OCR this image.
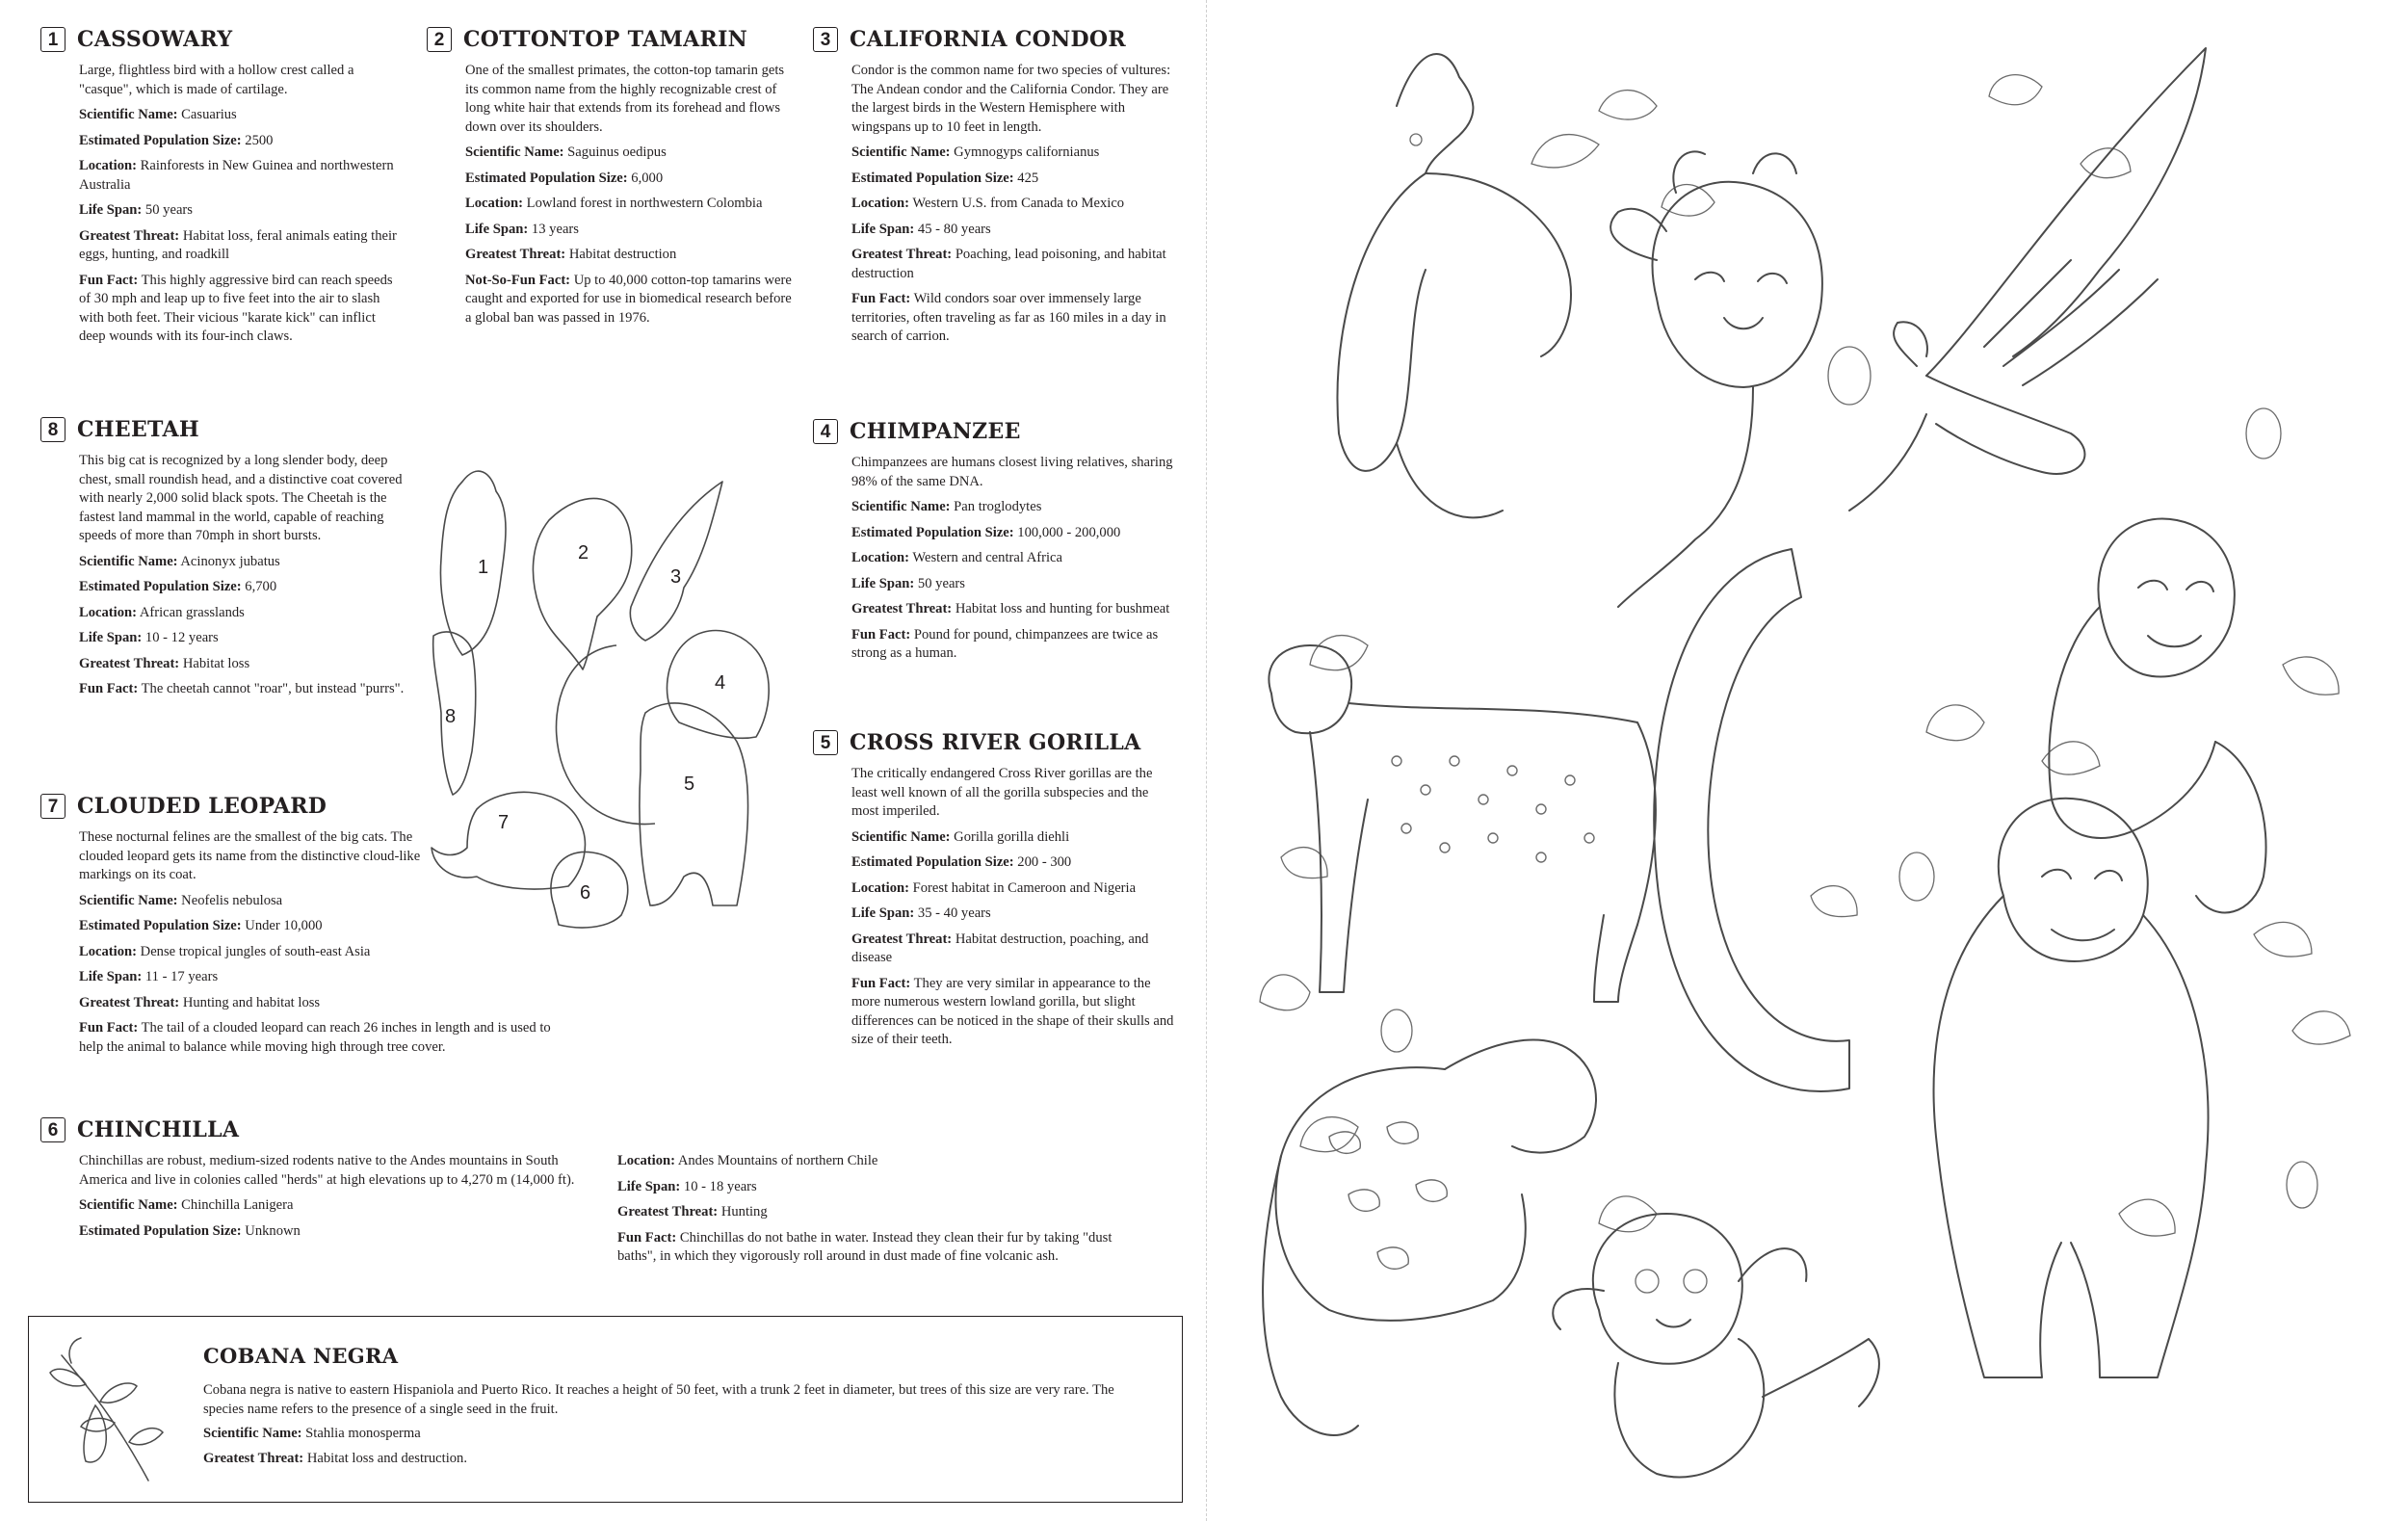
1 CASSOWARY

Large, flightless bird with a hollow crest called a "casque", which is made of cartilage.

Scientific Name: Casuarius

Estimated Population Size: 2500

Location: Rainforests in New Guinea and northwestern Australia

Life Span: 50 years

Greatest Threat: Habitat loss, feral animals eating their eggs, hunting, and roadkill

Fun Fact: This highly aggressive bird can reach speeds of 30 mph and leap up to five feet into the air to slash with both feet. Their vicious "karate kick" can inflict deep wounds with its four-inch claws.

2 COTTONTOP TAMARIN

One of the smallest primates, the cotton-top tamarin gets its common name from the highly recognizable crest of long white hair that extends from its forehead and flows down over its shoulders.

Scientific Name: Saguinus oedipus

Estimated Population Size: 6,000

Location: Lowland forest in northwestern Colombia

Life Span: 13 years

Greatest Threat: Habitat destruction

Not-So-Fun Fact: Up to 40,000 cotton-top tamarins were caught and exported for use in biomedical research before a global ban was passed in 1976.

3 CALIFORNIA CONDOR

Condor is the common name for two species of vultures: The Andean condor and the California Condor. They are the largest birds in the Western Hemisphere with wingspans up to 10 feet in length.

Scientific Name: Gymnogyps californianus

Estimated Population Size: 425

Location: Western U.S. from Canada to Mexico

Life Span: 45 - 80 years

Greatest Threat: Poaching, lead poisoning, and habitat destruction

Fun Fact: Wild condors soar over immensely large territories, often traveling as far as 160 miles in a day in search of carrion.

8 CHEETAH

This big cat is recognized by a long slender body, deep chest, small roundish head, and a distinctive coat covered with nearly 2,000 solid black spots. The Cheetah is the fastest land mammal in the world, capable of reaching speeds of more than 70mph in short bursts.

Scientific Name: Acinonyx jubatus

Estimated Population Size: 6,700

Location: African grasslands

Life Span: 10 - 12 years

Greatest Threat: Habitat loss

Fun Fact: The cheetah cannot "roar", but instead "purrs".

4 CHIMPANZEE

Chimpanzees are humans closest living relatives, sharing 98% of the same DNA.

Scientific Name: Pan troglodytes

Estimated Population Size: 100,000 - 200,000

Location: Western and central Africa

Life Span: 50 years

Greatest Threat: Habitat loss and hunting for bushmeat

Fun Fact: Pound for pound, chimpanzees are twice as strong as a human.

7 CLOUDED LEOPARD

These nocturnal felines are the smallest of the big cats. The clouded leopard gets its name from the distinctive cloud-like markings on its coat.

Scientific Name: Neofelis nebulosa

Estimated Population Size: Under 10,000

Location: Dense tropical jungles of south-east Asia

Life Span: 11 - 17 years

Greatest Threat: Hunting and habitat loss

Fun Fact: The tail of a clouded leopard can reach 26 inches in length and is used to help the animal to balance while moving high through tree cover.

5 CROSS RIVER GORILLA

The critically endangered Cross River gorillas are the least well known of all the gorilla subspecies and the most imperiled.

Scientific Name: Gorilla gorilla diehli

Estimated Population Size: 200 - 300

Location: Forest habitat in Cameroon and Nigeria

Life Span: 35 - 40 years

Greatest Threat: Habitat destruction, poaching, and disease

Fun Fact: They are very similar in appearance to the more numerous western lowland gorilla, but slight differences can be noticed in the shape of their skulls and size of their teeth.

6 CHINCHILLA

Chinchillas are robust, medium-sized rodents native to the Andes mountains in South America and live in colonies called "herds" at high elevations up to 4,270 m (14,000 ft).

Scientific Name: Chinchilla Lanigera

Estimated Population Size: Unknown

Location: Andes Mountains of northern Chile

Life Span: 10 - 18 years

Greatest Threat: Hunting

Fun Fact: Chinchillas do not bathe in water. Instead they clean their fur by taking "dust baths", in which they vigorously roll around in dust made of fine volcanic ash.

1
2
3
4
5
6
7
8
COBANA NEGRA

Cobana negra is native to eastern Hispaniola and Puerto Rico. It reaches a height of 50 feet, with a trunk 2 feet in diameter, but trees of this size are very rare. The species name refers to the presence of a single seed in the fruit.

Scientific Name: Stahlia monosperma

Greatest Threat: Habitat loss and destruction.
